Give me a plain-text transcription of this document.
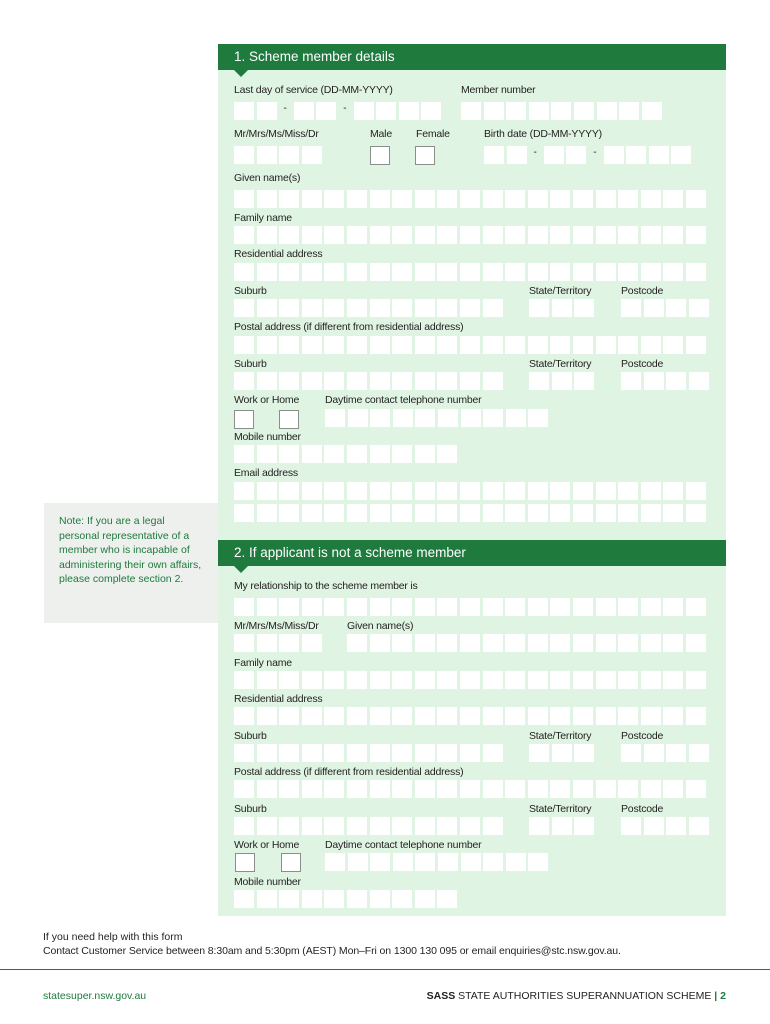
1. Scheme member details
2. If applicant is not a scheme member
Last day of service (DD-MM-YYYY)	Member number
Mr/Mrs/Ms/Miss/Dr	Male Female	Birth date (DD-MM-YYYY)
Given name(s)
Family name
Residential address
Suburb	State/Territory	Postcode
Postal address (if different from residential address)
Suburb	State/Territory	Postcode
Work or Home Daytime contact telephone number
Mobile number
Email address
-	-
-	-
Note: If you are a legal personal representative of a member who is incapable of administering their own affairs, please complete section 2.
My relationship to the scheme member is
Mr/Mrs/Ms/Miss/Dr	Given name(s)
Family name
Residential address
Suburb	State/Territory	Postcode
Postal address (if different from residential address)
Suburb	State/Territory	Postcode
Work or Home Daytime contact telephone number
Mobile number
If you need help with this form
Contact Customer Service between 8:30am and 5:30pm (AEST) Mon–Fri on 1300 130 095 or email enquiries@stc.nsw.gov.au.
statesuper.nsw.gov.au	SASS STATE AUTHORITIES SUPERANNUATION SCHEME | 2
